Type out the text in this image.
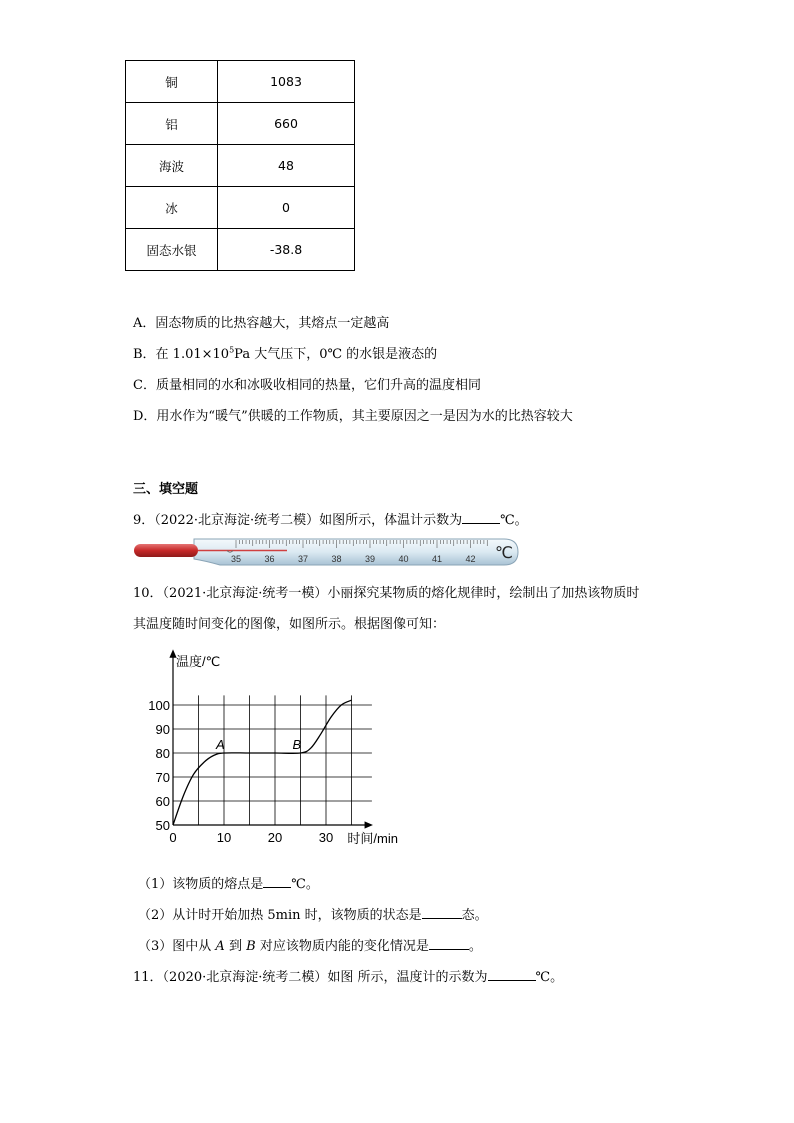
铜	1083
铝	660
海波	48
冰	0
固态水银	-38.8
A．固态物质的比热容越大，其熔点一定越高
B．在 $1.01\times 10^5Pa$ 大气压下，0℃ 的水银是液态的
C．质量相同的水和冰吸收相同的热量，它们升高的温度相同
D．用水作为“暖气”供暖的工作物质，其主要原因之一是因为水的比热容较大
三、填空题
9．（2022·北京海淀·统考二模）如图所示，体温计示数为	℃。
35	36	37	38	39	40	41	42 ℃
10．（2021·北京海淀·统考一模）小丽探究某物质的熔化规律时，绘制出了加热该物质时
其温度随时间变化的图像，如图所示。根据图像可知：
50
60
70
80
90
100
0	10	20	30
A	B
温度/℃
时间/min
（1）该物质的熔点是 ℃。
（2）从计时开始加热 5min 时，该物质的状态是	态。
（3）图中从 A 到 B 对应该物质内能的变化情况是	。
11．（2020·北京海淀·统考二模）如图 所示，温度计的示数为	℃。
